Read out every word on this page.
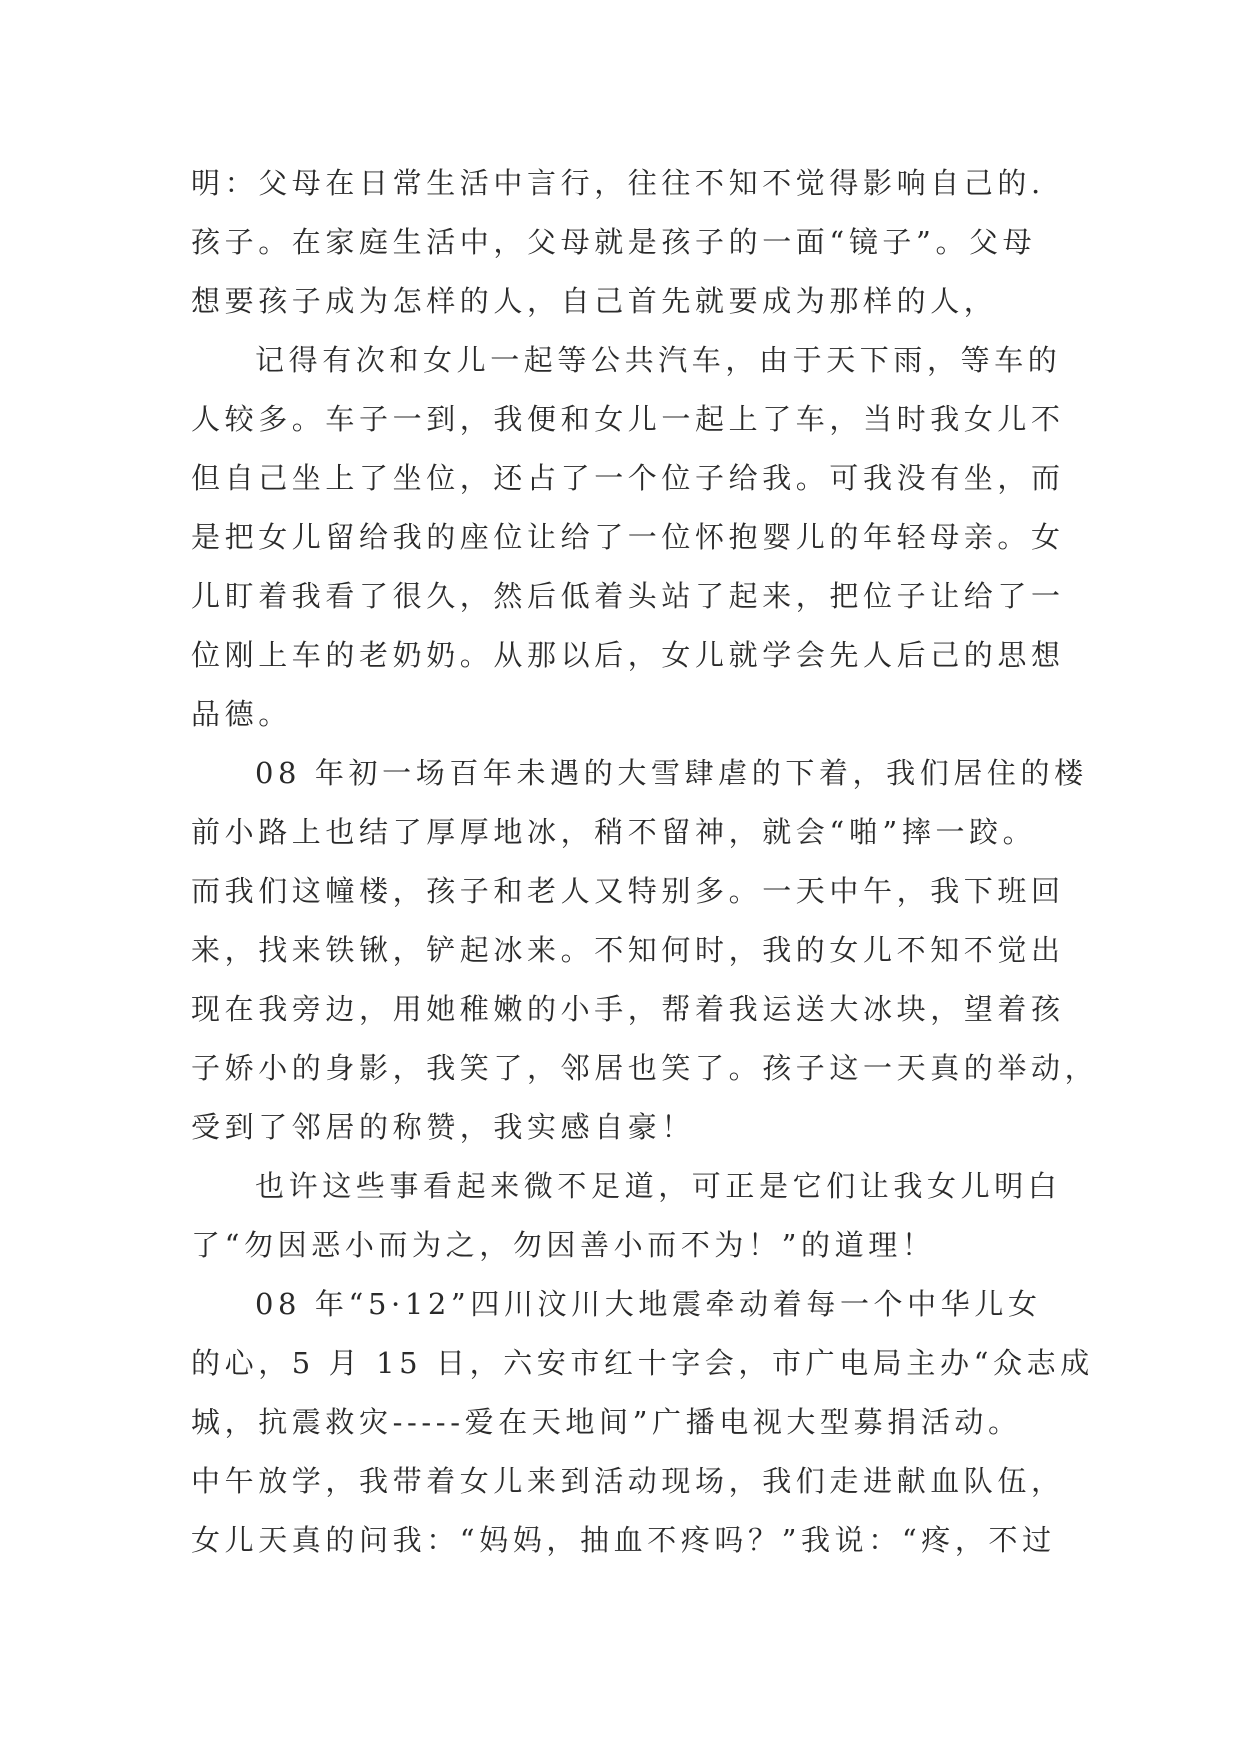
明：父母在日常生活中言行，往往不知不觉得影响自己的.
孩子。在家庭生活中，父母就是孩子的一面“镜子”。父母
想要孩子成为怎样的人，自己首先就要成为那样的人，
记得有次和女儿一起等公共汽车，由于天下雨，等车的
人较多。车子一到，我便和女儿一起上了车，当时我女儿不
但自己坐上了坐位，还占了一个位子给我。可我没有坐，而
是把女儿留给我的座位让给了一位怀抱婴儿的年轻母亲。女
儿盯着我看了很久，然后低着头站了起来，把位子让给了一
位刚上车的老奶奶。从那以后，女儿就学会先人后己的思想
品德。
08 年初一场百年未遇的大雪肆虐的下着，我们居住的楼
前小路上也结了厚厚地冰，稍不留神，就会“啪”摔一跤。
而我们这幢楼，孩子和老人又特别多。一天中午，我下班回
来，找来铁锹，铲起冰来。不知何时，我的女儿不知不觉出
现在我旁边，用她稚嫩的小手，帮着我运送大冰块，望着孩
子娇小的身影，我笑了，邻居也笑了。孩子这一天真的举动，
受到了邻居的称赞，我实感自豪！
也许这些事看起来微不足道，可正是它们让我女儿明白
了“勿因恶小而为之，勿因善小而不为！”的道理！
08 年“5·12”四川汶川大地震牵动着每一个中华儿女
的心，5 月 15 日，六安市红十字会，市广电局主办“众志成
城，抗震救灾-----爱在天地间”广播电视大型募捐活动。
中午放学，我带着女儿来到活动现场，我们走进献血队伍，
女儿天真的问我：“妈妈，抽血不疼吗？”我说：“疼，不过
